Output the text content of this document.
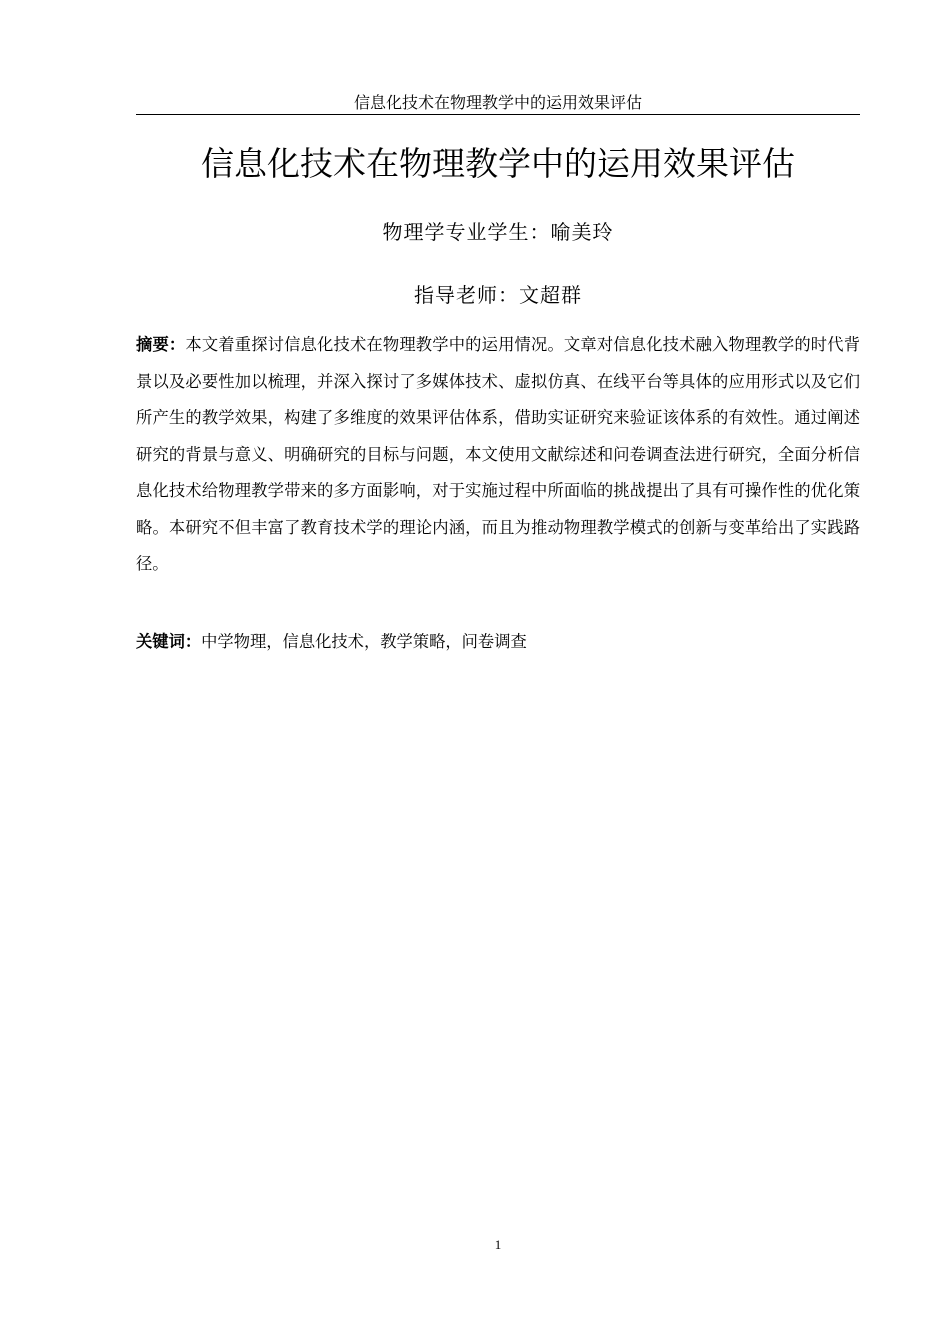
信息化技术在物理教学中的运用效果评估
信息化技术在物理教学中的运用效果评估
物理学专业学生：喻美玲
指导老师：文超群

摘要：本文着重探讨信息化技术在物理教学中的运用情况。文章对信息化技术融入物理教学的时代背景以及必要性加以梳理，并深入探讨了多媒体技术、虚拟仿真、在线平台等具体的应用形式以及它们所产生的教学效果，构建了多维度的效果评估体系，借助实证研究来验证该体系的有效性。通过阐述研究的背景与意义、明确研究的目标与问题，本文使用文献综述和问卷调查法进行研究，全面分析信息化技术给物理教学带来的多方面影响，对于实施过程中所面临的挑战提出了具有可操作性的优化策略。本研究不但丰富了教育技术学的理论内涵，而且为推动物理教学模式的创新与变革给出了实践路径。

关键词：中学物理，信息化技术，教学策略，问卷调查

1
